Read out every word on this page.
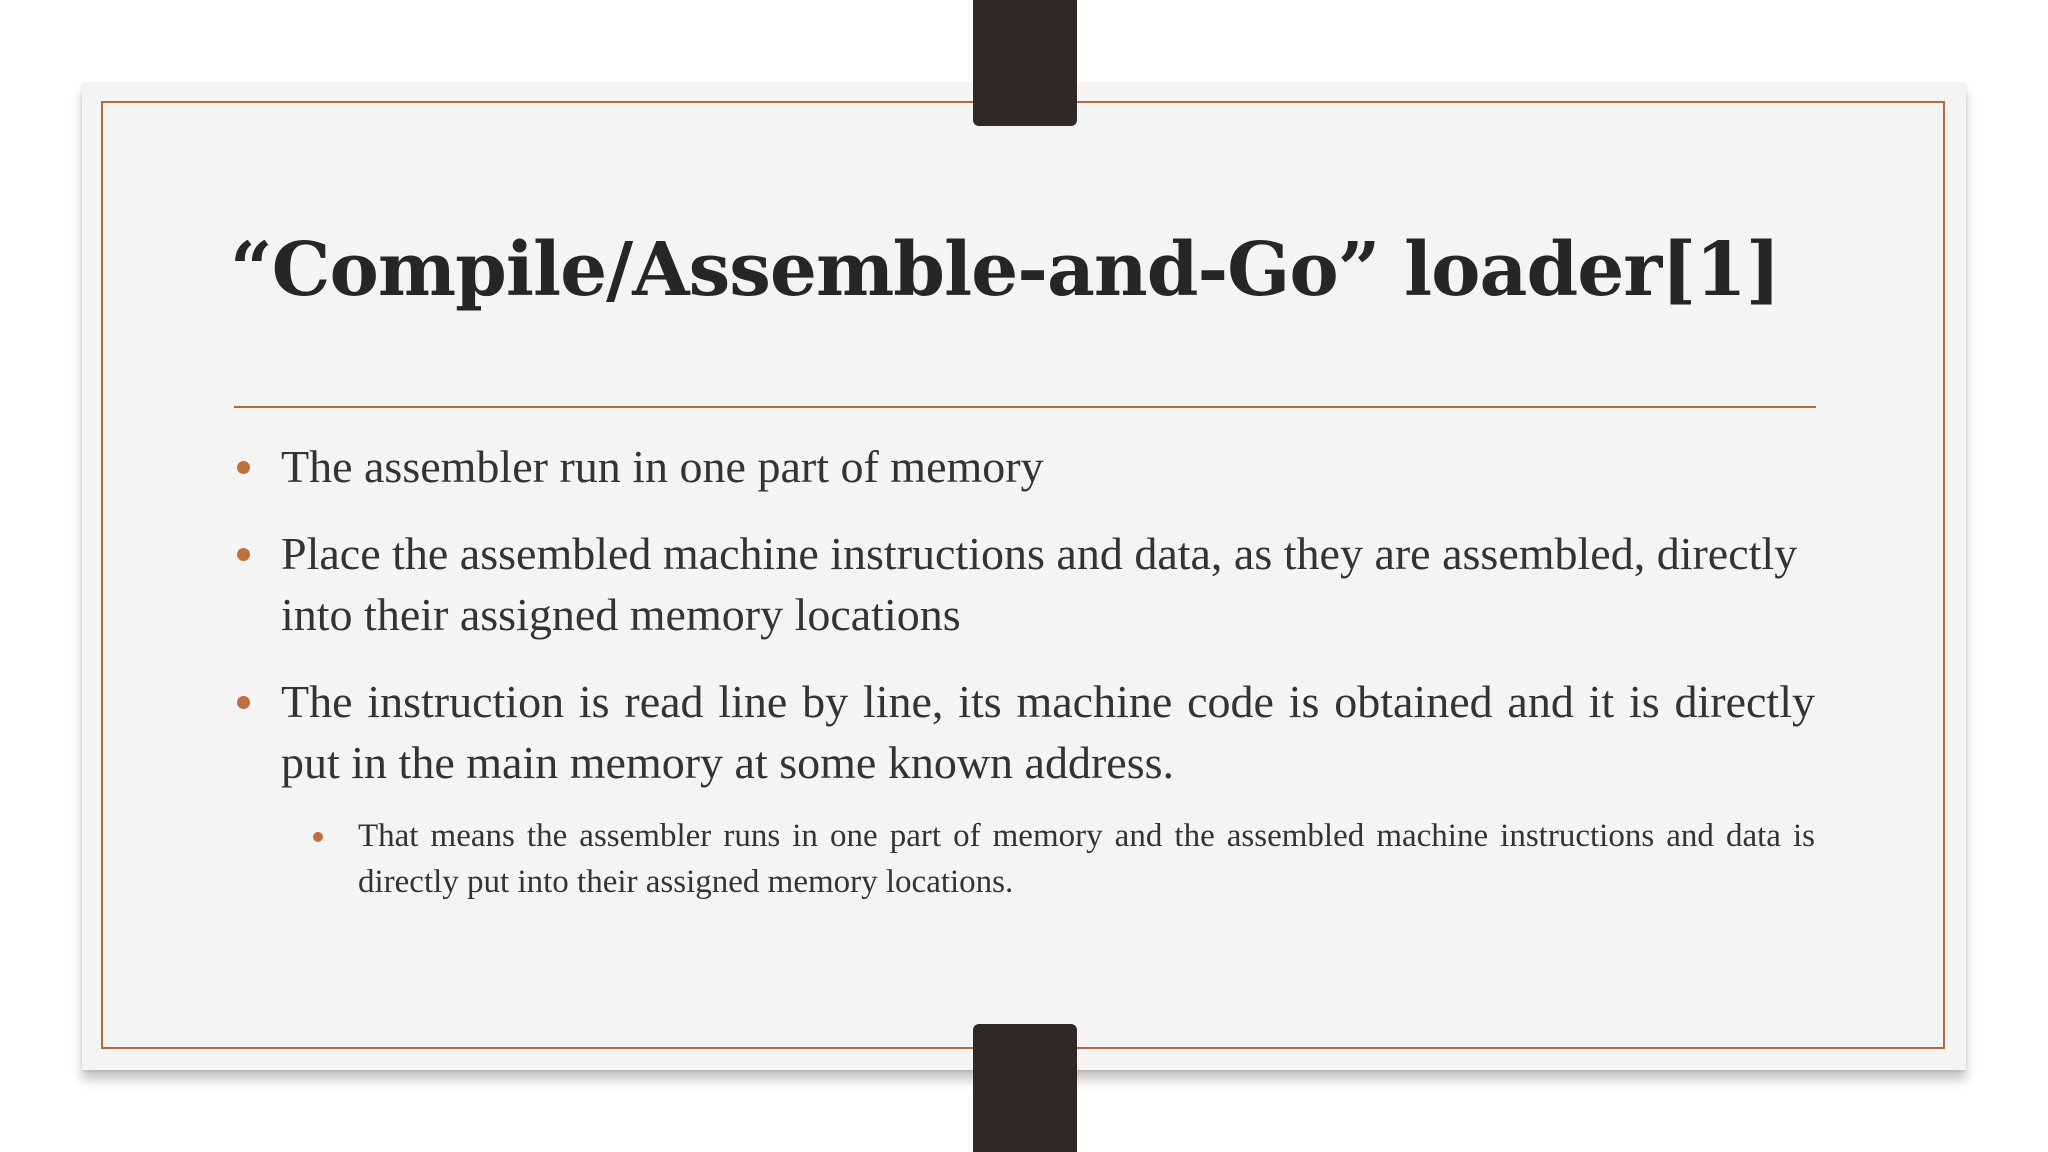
“Compile/Assemble-and-Go” loader[1]
The assembler run in one part of memory
Place the assembled machine instructions and data, as they are assembled, directly into their assigned memory locations
The instruction is read line by line, its machine code is obtained and it is directly put in the main memory at some known address.
That means the assembler runs in one part of memory and the assembled machine instructions and data is directly put into their assigned memory locations.
